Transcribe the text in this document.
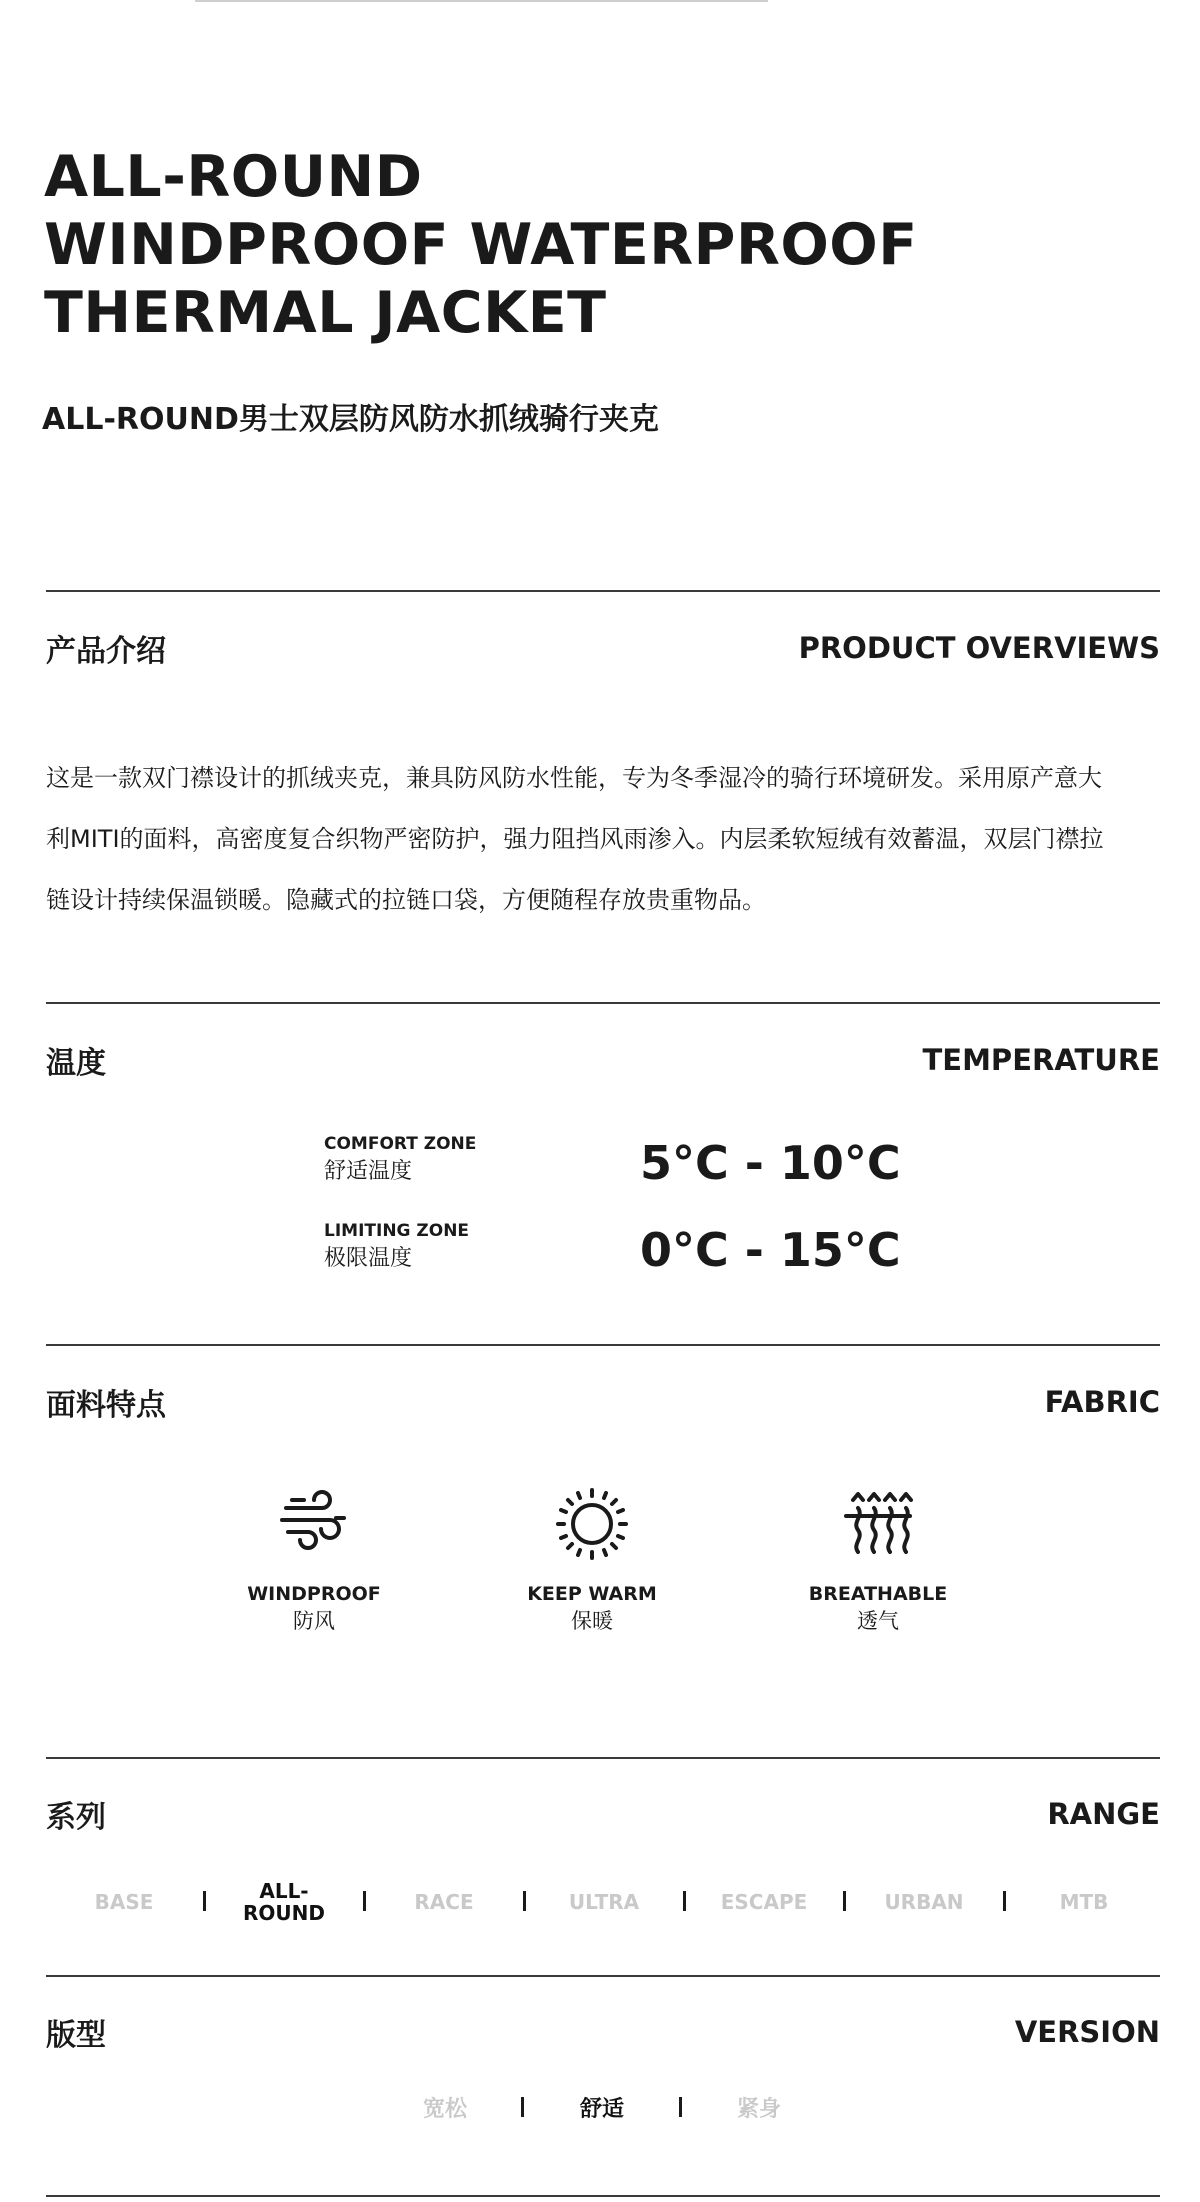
ALL-ROUND
WINDPROOF WATERPROOF
THERMAL JACKET
ALL-ROUND男士双层防风防水抓绒骑行夹克
产品介绍	PRODUCT OVERVIEWS
这是一款双门襟设计的抓绒夹克，兼具防风防水性能，专为冬季湿冷的骑行环境研发。采用原产意大
利MITI的面料，高密度复合织物严密防护，强力阻挡风雨渗入。内层柔软短绒有效蓄温，双层门襟拉
链设计持续保温锁暖。隐藏式的拉链口袋，方便随程存放贵重物品。
温度	TEMPERATURE
COMFORT ZONE
舒适温度	5°C - 10°C
LIMITING ZONE
极限温度	0°C - 15°C
面料特点	FABRIC
WINDPROOF
防风
KEEP WARM
保暖
BREATHABLE
透气
系列	RANGE
BASE	ALL-
ROUND	RACE	ULTRA	ESCAPE	URBAN	MTB
版型	VERSION
宽松	舒适	紧身
